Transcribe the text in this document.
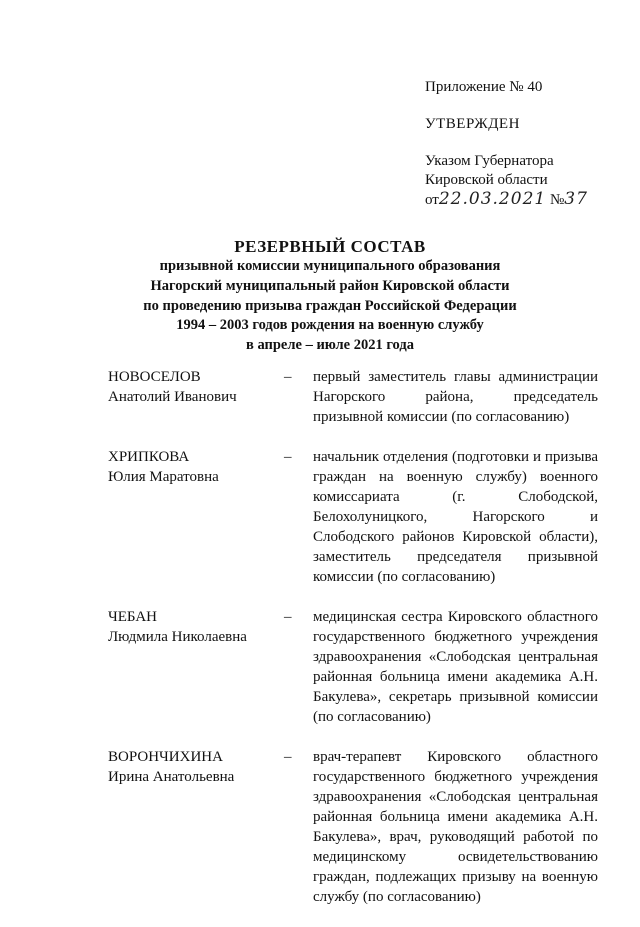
Приложение № 40
УТВЕРЖДЕН
Указом Губернатора
Кировской области
от22.03.2021 №37
РЕЗЕРВНЫЙ СОСТАВ
призывной комиссии муниципального образования
Нагорский муниципальный район Кировской области
по проведению призыва граждан Российской Федерации
1994 – 2003 годов рождения на военную службу
в апреле – июле 2021 года
НОВОСЕЛОВ
Анатолий Иванович
–	первый заместитель главы администрации Нагорского района, председатель призывной комиссии (по согласованию)
ХРИПКОВА
Юлия Маратовна
–	начальник отделения (подготовки и призыва граждан на военную службу) военного комиссариата (г. Слободской, Белохолуницкого, Нагорского и Слободского районов Кировской области), заместитель председателя призывной комиссии (по согласованию)
ЧЕБАН
Людмила Николаевна
–	медицинская сестра Кировского областного государственного бюджетного учреждения здравоохранения «Слободская центральная районная больница имени академика А.Н. Бакулева», секретарь призывной комиссии (по согласованию)
ВОРОНЧИХИНА
Ирина Анатольевна
–	врач-терапевт Кировского областного государственного бюджетного учреждения здравоохранения «Слободская центральная районная больница имени академика А.Н. Бакулева», врач, руководящий работой по медицинскому освидетельствованию граждан, подлежащих призыву на военную службу (по согласованию)
